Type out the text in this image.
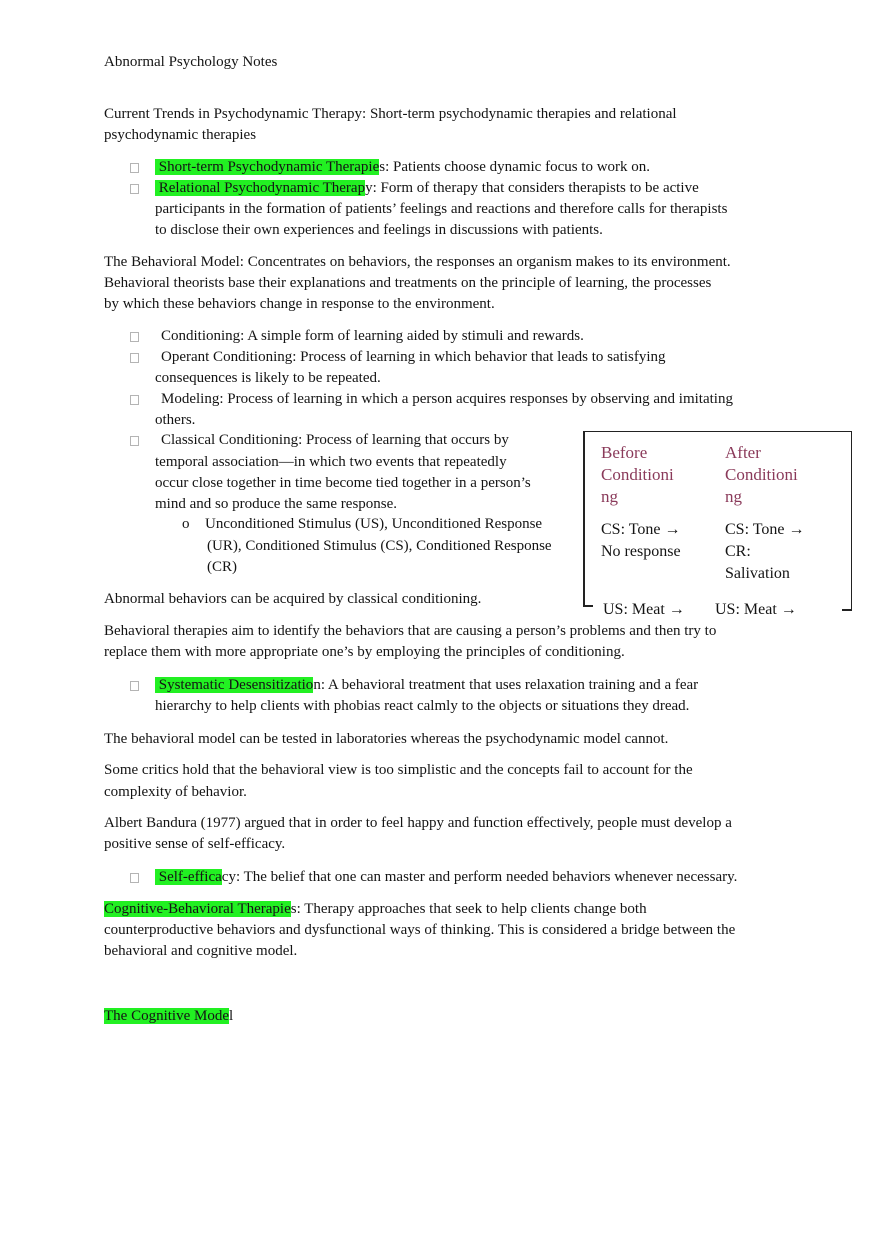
Abnormal Psychology Notes
Current Trends in Psychodynamic Therapy: Short-term psychodynamic therapies and relational
psychodynamic therapies
Short-term Psychodynamic Therapies: Patients choose dynamic focus to work on.
Relational Psychodynamic Therapy: Form of therapy that considers therapists to be active
participants in the formation of patients’ feelings and reactions and therefore calls for therapists
to disclose their own experiences and feelings in discussions with patients.
The Behavioral Model: Concentrates on behaviors, the responses an organism makes to its environment.
Behavioral theorists base their explanations and treatments on the principle of learning, the processes
by which these behaviors change in response to the environment.
Conditioning: A simple form of learning aided by stimuli and rewards.
Operant Conditioning: Process of learning in which behavior that leads to satisfying
consequences is likely to be repeated.
Modeling: Process of learning in which a person acquires responses by observing and imitating
others.
Classical Conditioning: Process of learning that occurs by
temporal association—in which two events that repeatedly
occur close together in time become tied together in a person’s
mind and so produce the same response.
o Unconditioned Stimulus (US), Unconditioned Response
(UR), Conditioned Stimulus (CS), Conditioned Response
(CR)
Before
Conditioni
ng
After
Conditioni
ng
CS: Tone →
No response
CS: Tone →
CR:
Salivation
US: Meat → US: Meat →
Abnormal behaviors can be acquired by classical conditioning.
Behavioral therapies aim to identify the behaviors that are causing a person’s problems and then try to
replace them with more appropriate one’s by employing the principles of conditioning.
Systematic Desensitization: A behavioral treatment that uses relaxation training and a fear
hierarchy to help clients with phobias react calmly to the objects or situations they dread.
The behavioral model can be tested in laboratories whereas the psychodynamic model cannot.
Some critics hold that the behavioral view is too simplistic and the concepts fail to account for the
complexity of behavior.
Albert Bandura (1977) argued that in order to feel happy and function effectively, people must develop a
positive sense of self-efficacy.
Self-efficacy: The belief that one can master and perform needed behaviors whenever necessary.
Cognitive-Behavioral Therapies: Therapy approaches that seek to help clients change both
counterproductive behaviors and dysfunctional ways of thinking. This is considered a bridge between the
behavioral and cognitive model.
The Cognitive Model
